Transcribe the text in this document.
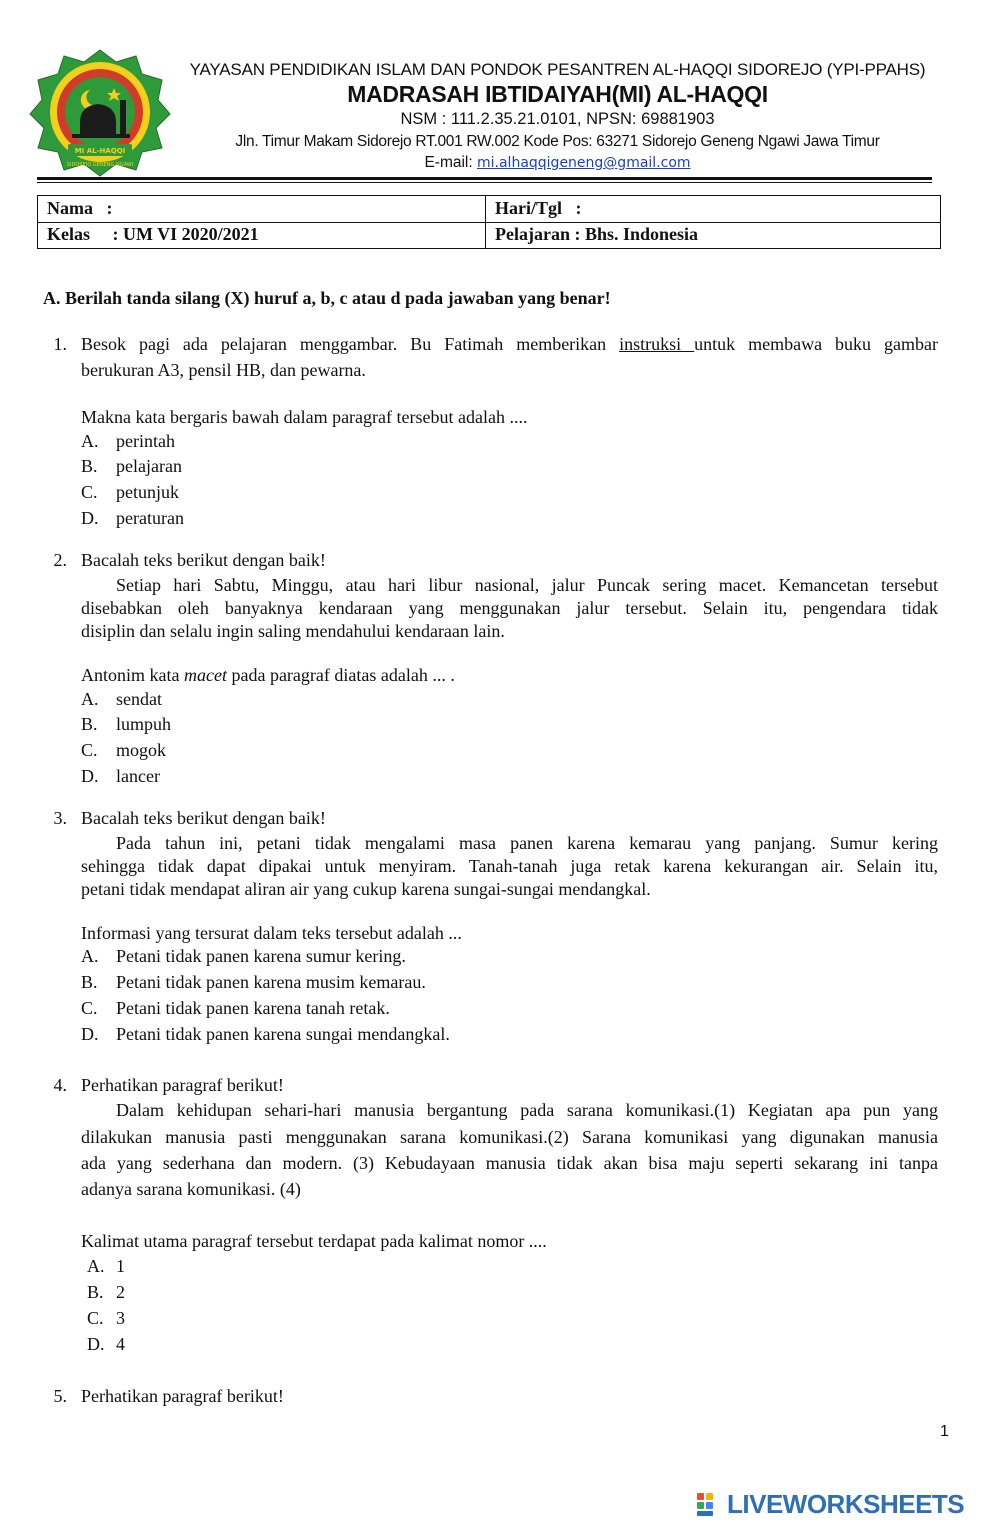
MI AL-HAQQI
SIDOREJO GENENG NGAWI
YAYASAN PENDIDIKAN ISLAM DAN PONDOK PESANTREN AL-HAQQI SIDOREJO (YPI-PPAHS)
MADRASAH IBTIDAIYAH(MI) AL-HAQQI
NSM : 111.2.35.21.0101, NPSN: 69881903
Jln. Timur Makam Sidorejo RT.001 RW.002 Kode Pos: 63271 Sidorejo Geneng Ngawi Jawa Timur
E-mail: mi.alhaqqigeneng@gmail.com
Nama   :	Hari/Tgl   :
Kelas     : UM VI 2020/2021	Pelajaran : Bhs. Indonesia
A. Berilah tanda silang (X) huruf a, b, c atau d pada jawaban yang benar!
1. Besok pagi ada pelajaran menggambar. Bu Fatimah memberikan instruksi untuk membawa buku gambar
berukuran A3, pensil HB, dan pewarna.
Makna kata bergaris bawah dalam paragraf tersebut adalah ....
A. perintah
B.	pelajaran
C.	petunjuk
D. peraturan
2. Bacalah teks berikut dengan baik!
Setiap hari Sabtu, Minggu, atau hari libur nasional, jalur Puncak sering macet. Kemancetan tersebut
disebabkan oleh banyaknya kendaraan yang menggunakan jalur tersebut. Selain itu, pengendara tidak
disiplin dan selalu ingin saling mendahului kendaraan lain.
Antonim kata macet pada paragraf diatas adalah ... .
A. sendat
B.	lumpuh
C.	mogok
D. lancer
3. Bacalah teks berikut dengan baik!
Pada tahun ini, petani tidak mengalami masa panen karena kemarau yang panjang. Sumur kering
sehingga tidak dapat dipakai untuk menyiram. Tanah-tanah juga retak karena kekurangan air. Selain itu,
petani tidak mendapat aliran air yang cukup karena sungai-sungai mendangkal.
Informasi yang tersurat dalam teks tersebut adalah ...
A. Petani tidak panen karena sumur kering.
B.	Petani tidak panen karena musim kemarau.
C.	Petani tidak panen karena tanah retak.
D. Petani tidak panen karena sungai mendangkal.
4. Perhatikan paragraf berikut!
Dalam kehidupan sehari-hari manusia bergantung pada sarana komunikasi.(1) Kegiatan apa pun yang
dilakukan manusia pasti menggunakan sarana komunikasi.(2) Sarana komunikasi yang digunakan manusia
ada yang sederhana dan modern. (3) Kebudayaan manusia tidak akan bisa maju seperti sekarang ini tanpa
adanya sarana komunikasi. (4)
Kalimat utama paragraf tersebut terdapat pada kalimat nomor ....
A. 1
B. 2
C. 3
D. 4
5. Perhatikan paragraf berikut!
1
LIVEWORKSHEETS
